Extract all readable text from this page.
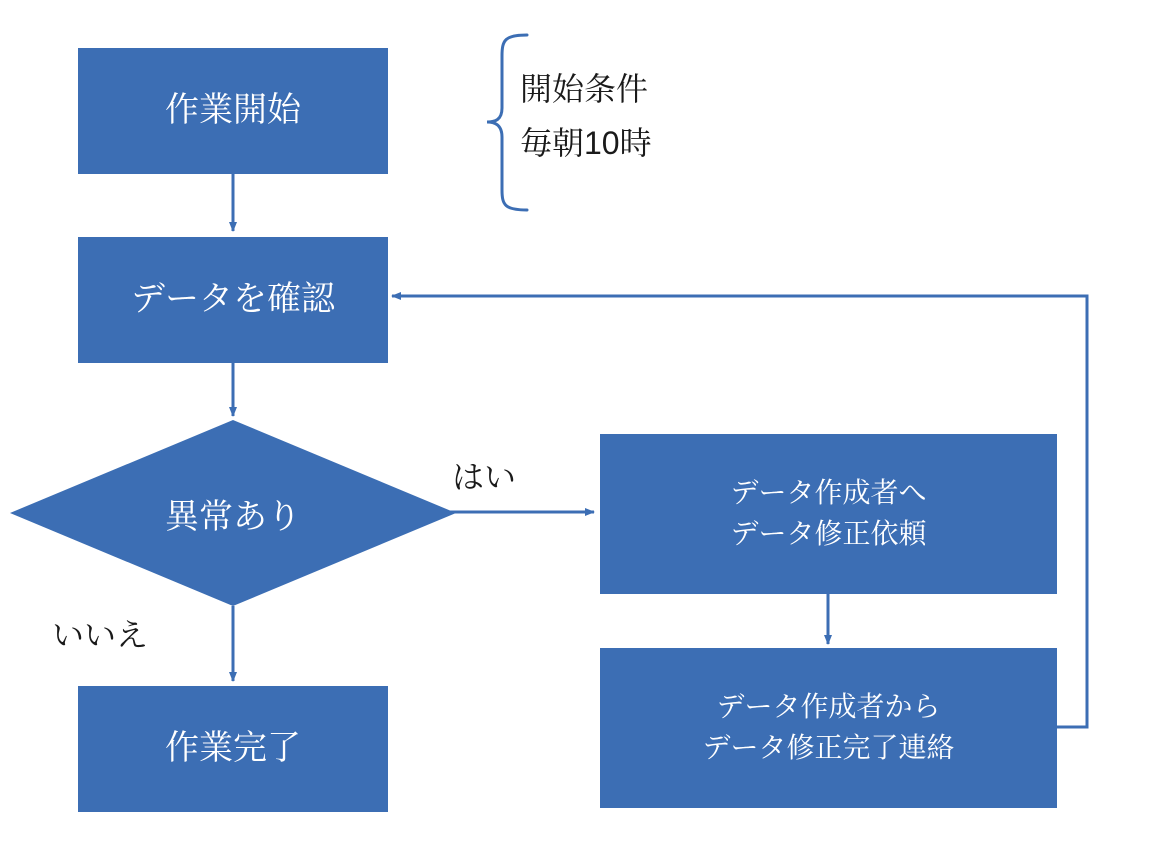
作業開始
データを確認
異常あり
作業完了
データ作成者へ
データ修正依頼
データ作成者から
データ修正完了連絡
はい
いいえ
開始条件
毎朝10時
